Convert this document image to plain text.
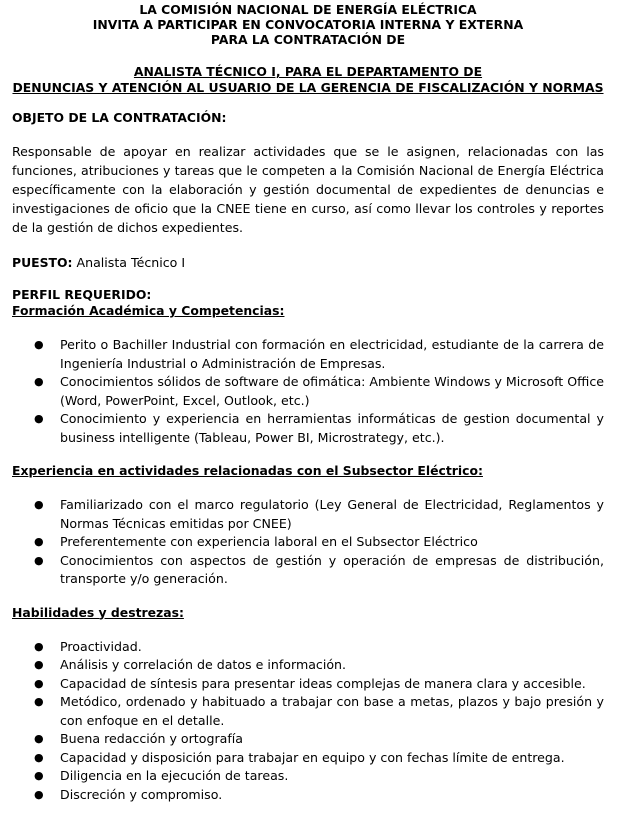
LA COMISIÓN NACIONAL DE ENERGÍA ELÉCTRICA
INVITA A PARTICIPAR EN CONVOCATORIA INTERNA Y EXTERNA
PARA LA CONTRATACIÓN DE
ANALISTA TÉCNICO I, PARA EL DEPARTAMENTO DE
DENUNCIAS Y ATENCIÓN AL USUARIO DE LA GERENCIA DE FISCALIZACIÓN Y NORMAS
OBJETO DE LA CONTRATACIÓN:

Responsable de apoyar en realizar actividades que se le asignen, relacionadas con las funciones, atribuciones y tareas que le competen a la Comisión Nacional de Energía Eléctrica específicamente con la elaboración y gestión documental de expedientes de denuncias e investigaciones de oficio que la CNEE tiene en curso, así como llevar los controles y reportes de la gestión de dichos expedientes.

PUESTO: Analista Técnico I
PERFIL REQUERIDO:
Formación Académica y Competencias:
● Perito o Bachiller Industrial con formación en electricidad, estudiante de la carrera de Ingeniería Industrial o Administración de Empresas.
● Conocimientos sólidos de software de ofimática: Ambiente Windows y Microsoft Office (Word, PowerPoint, Excel, Outlook, etc.)
● Conocimiento y experiencia en herramientas informáticas de gestion documental y business intelligente (Tableau, Power BI, Microstrategy, etc.).
Experiencia en actividades relacionadas con el Subsector Eléctrico:
● Familiarizado con el marco regulatorio (Ley General de Electricidad, Reglamentos y Normas Técnicas emitidas por CNEE)
● Preferentemente con experiencia laboral en el Subsector Eléctrico
● Conocimientos con aspectos de gestión y operación de empresas de distribución, transporte y/o generación.
Habilidades y destrezas:
● Proactividad.
● Análisis y correlación de datos e información.
● Capacidad de síntesis para presentar ideas complejas de manera clara y accesible.
● Metódico, ordenado y habituado a trabajar con base a metas, plazos y bajo presión y con enfoque en el detalle.
● Buena redacción y ortografía
● Capacidad y disposición para trabajar en equipo y con fechas límite de entrega.
● Diligencia en la ejecución de tareas.
● Discreción y compromiso.
